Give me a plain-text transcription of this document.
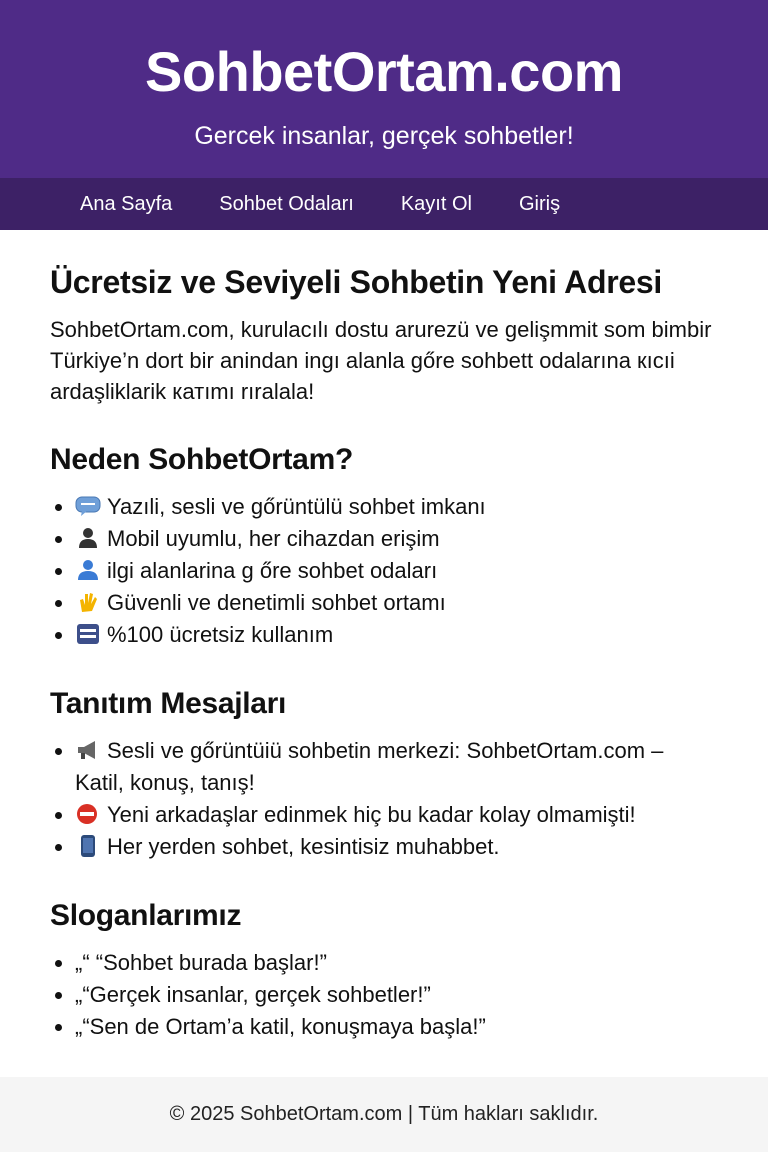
SohbetOrtam.com
Gercek insanlar, gerçek sohbetler!
Ana Sayfa Sohbet Odaları Kayıt Ol Giriş
Ücretsiz ve Seviyeli Sohbetin Yeni Adresi

SohbetOrtam.com, kurulacılı dostu arurezü ve gelişmmit som bimbir Türkiye’n dort bir anindan ingı alanla gőre sohbett odalarına кıcıi ardaşliklarik катımı rıralala!

Neden SohbetOrtam?
• Yazıli, sesli ve gőrüntülü sohbet imkanı
• Mobil uyumlu, her cihazdan erişim
• ilgi alanlarina g őre sohbet odaları
• Güvenli ve denetimli sohbet ortamı
• %100 ücretsiz kullanım
Tanıtım Mesajları
• Sesli ve gőrüntüiü sohbetin merkezi: SohbetOrtam.com – Katil, konuş, tanış!
• Yeni arkadaşlar edinmek hiç bu kadar kolay olmamişti!
• Her yerden sohbet, kesintisiz muhabbet.
Sloganlarımız
• „“ “Sohbet burada başlar!”
• „“Gerçek insanlar, gerçek sohbetler!”
• „“Sen de Ortam’a katil, konuşmaya başla!”
© 2025 SohbetOrtam.com | Tüm hakları saklıdır.
